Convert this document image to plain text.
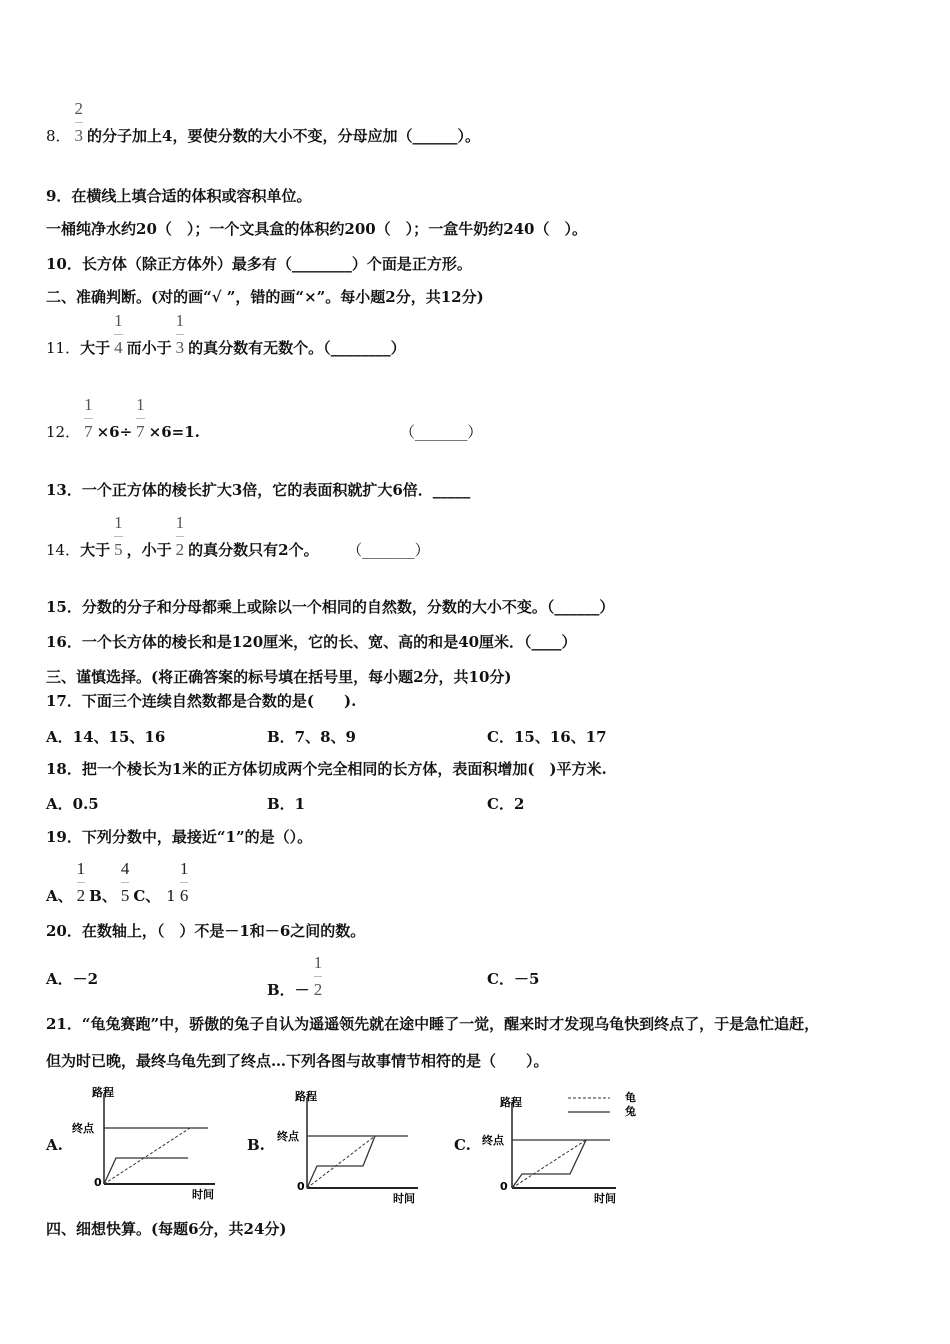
8． $\frac{2}{3}$ 的分子加上4，要使分数的大小不变，分母应加（______）。
9．在横线上填合适的体积或容积单位。
一桶纯净水约20（　）；一个文具盒的体积约200（　）；一盒牛奶约240（　）。
10．长方体（除正方体外）最多有（________）个面是正方形。
二、准确判断。(对的画“√ ”，错的画“×”。每小题2分，共12分)
11．大于 $\frac{1}{4}$ 而小于 $\frac{1}{3}$ 的真分数有无数个。（________）
12． $\frac{1}{7} \times 6\div \frac{1}{7} \times 6=1$.	（_______）
13．一个正方体的棱长扩大3倍，它的表面积就扩大6倍．_____
14．大于 $\frac{1}{5}$ ，小于 $\frac{1}{2}$ 的真分数只有2个。 （_______）
15．分数的分子和分母都乘上或除以一个相同的自然数，分数的大小不变。（______）
16．一个长方体的棱长和是120厘米，它的长、宽、高的和是40厘米．（____）
三、谨慎选择。(将正确答案的标号填在括号里，每小题2分，共10分)
17．下面三个连续自然数都是合数的是(　　).
A．14、15、16	B．7、8、9	C．15、16、17
18．把一个棱长为1米的正方体切成两个完全相同的长方体，表面积增加(　)平方米.
A．0.5	B．1	C．2
19．下列分数中，最接近“1”的是（）。
A、 $\frac{1}{2}$ B、 $\frac{4}{5}$ C、 $1 \frac{1}{6}$
20．在数轴上，（　）不是－1和－6之间的数。
A．－2
B．－ $\frac{1}{2}$	C．－5
21．“龟兔赛跑”中，骄傲的兔子自认为遥遥领先就在途中睡了一觉，醒来时才发现乌龟快到终点了，于是急忙追赶，
但为时已晚，最终乌龟先到了终点…下列各图与故事情节相符的是（　　）。
A.
路程
终点
0
时间
B.
路程
终点
0
时间
C.
龟
兔
路程
终点
0
时间
四、细想快算。(每题6分，共24分)
